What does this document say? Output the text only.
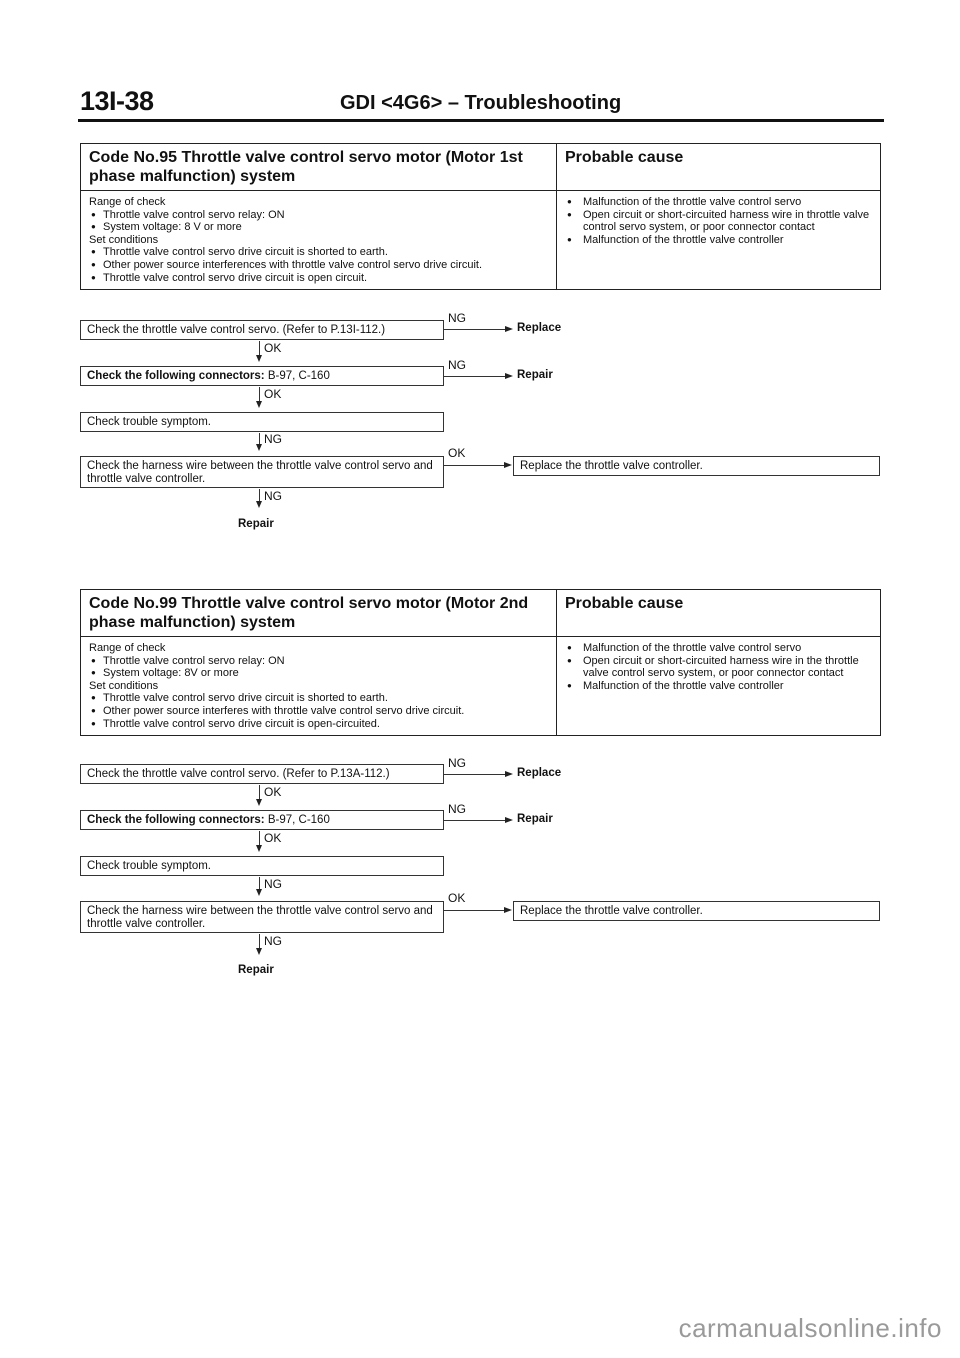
13I-38	GDI <4G6> – Troubleshooting
Code No.95 Throttle valve control servo motor (Motor 1st phase malfunction) system
Probable cause
Range of check
● Throttle valve control servo relay: ON
● System voltage: 8 V or more
Set conditions
● Throttle valve control servo drive circuit is shorted to earth.
● Other power source interferences with throttle valve control servo drive circuit.
● Throttle valve control servo drive circuit is open circuit.
● Malfunction of the throttle valve control servo
● Open circuit or short-circuited harness wire in throttle valve control servo system, or poor connector contact
● Malfunction of the throttle valve controller
Check the throttle valve control servo. (Refer to P.13I-112.)
NG
Replace
OK
Check the following connectors: B-97, C-160
NG
Repair
OK
Check trouble symptom.
NG
Check the harness wire between the throttle valve control servo and throttle valve controller.
OK
Replace the throttle valve controller.
NG
Repair
Code No.99 Throttle valve control servo motor (Motor 2nd phase malfunction) system
Probable cause
Range of check
● Throttle valve control servo relay: ON
● System voltage: 8V or more
Set conditions
● Throttle valve control servo drive circuit is shorted to earth.
● Other power source interferes with throttle valve control servo drive circuit.
● Throttle valve control servo drive circuit is open-circuited.
● Malfunction of the throttle valve control servo
● Open circuit or short-circuited harness wire in the throttle valve control servo system, or poor connector contact
● Malfunction of the throttle valve controller
Check the throttle valve control servo. (Refer to P.13A-112.)
NG
Replace
OK
Check the following connectors: B-97, C-160
NG
Repair
OK
Check trouble symptom.
NG
Check the harness wire between the throttle valve control servo and throttle valve controller.
OK
Replace the throttle valve controller.
NG
Repair
carmanualsonline.info
